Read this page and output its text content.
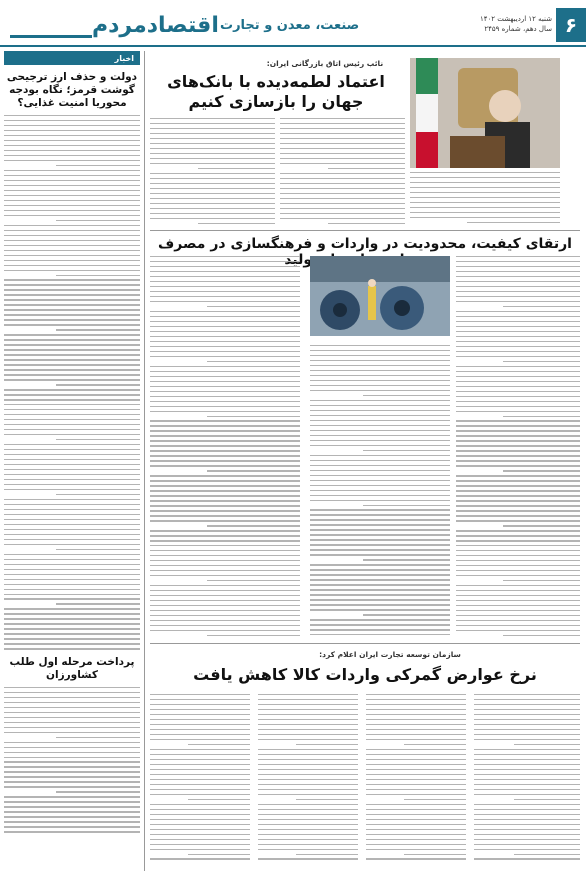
۶
شنبه ۱۲ اردیبهشت ۱۴۰۲
سال دهم، شماره ۲۴۵۹
صنعت، معدن و تجارت
اقتصادمردم
اخبار
دولت و حذف ارز ترجیحی گوشت قرمز؛ نگاه بودجه محوریا امنیت غذایی؟
پرداخت مرحله اول طلب کشاورزان
نائب رئیس اتاق بازرگانی ایران:
اعتماد لطمه‌دیده با بانک‌های جهان را بازسازی کنیم
ارتقای کیفیت، محدودیت در واردات و فرهنگسازی در مصرف تولید
سازمان توسعه تجارت ایران اعلام کرد:
نرخ عوارض گمرکی واردات کالا کاهش یافت
